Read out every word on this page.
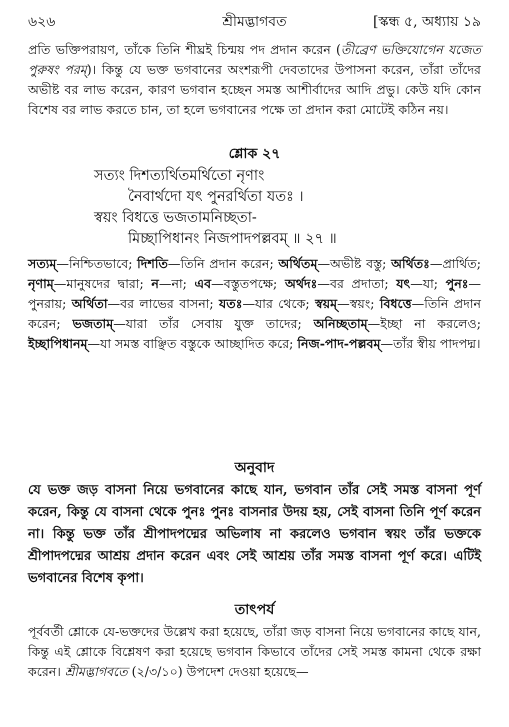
৬২৬	শ্রীমদ্ভাগবত	[স্কন্ধ ৫, অধ্যায় ১৯
প্রতি ভক্তিপরায়ণ, তাঁকে তিনি শীঘ্রই চিন্ময় পদ প্রদান করেন (তীব্রেণ ভক্তিযোগেন যজেত পুরুষং পরম্)। কিন্তু যে ভক্ত ভগবানের অংশরূপী দেবতাদের উপাসনা করেন, তাঁরা তাঁদের অভীষ্ট বর লাভ করেন, কারণ ভগবান হচ্ছেন সমস্ত আশীর্বাদের আদি প্রভু। কেউ যদি কোন বিশেষ বর লাভ করতে চান, তা হলে ভগবানের পক্ষে তা প্রদান করা মোটেই কঠিন নয়।
শ্লোক ২৭
সত্যং দিশত্যর্থিতমর্থিতো নৃণাং
নৈবার্থদো যৎ পুনরর্থিতা যতঃ ।
স্বয়ং বিধত্তে ভজতামনিচ্ছতা-
মিচ্ছাপিধানং নিজপাদপল্লবম্ ॥ ২৭ ॥
সত্যম্—নিশ্চিতভাবে; দিশতি—তিনি প্রদান করেন; অর্থিতম্—অভীষ্ট বস্তু; অর্থিতঃ—প্রার্থিত; নৃণাম্—মানুষদের দ্বারা; ন—না; এব—বস্তুতপক্ষে; অর্থদঃ—বর প্রদাতা; যৎ—যা; পুনঃ—পুনরায়; অর্থিতা—বর লাভের বাসনা; যতঃ—যার থেকে; স্বয়ম্—স্বয়ং; বিধত্তে—তিনি প্রদান করেন; ভজতাম্—যারা তাঁর সেবায় যুক্ত তাদের; অনিচ্ছতাম্—ইচ্ছা না করলেও; ইচ্ছাপিধানম্—যা সমস্ত বাঞ্ছিত বস্তুকে আচ্ছাদিত করে; নিজ-পাদ-পল্লবম্—তাঁর স্বীয় পাদপদ্ম।
অনুবাদ
যে ভক্ত জড় বাসনা নিয়ে ভগবানের কাছে যান, ভগবান তাঁর সেই সমস্ত বাসনা পূর্ণ করেন, কিন্তু যে বাসনা থেকে পুনঃ পুনঃ বাসনার উদয় হয়, সেই বাসনা তিনি পূর্ণ করেন না। কিন্তু ভক্ত তাঁর শ্রীপাদপদ্মের অভিলাষ না করলেও ভগবান স্বয়ং তাঁর ভক্তকে শ্রীপাদপদ্মের আশ্রয় প্রদান করেন এবং সেই আশ্রয় তাঁর সমস্ত বাসনা পূর্ণ করে। এটিই ভগবানের বিশেষ কৃপা।
তাৎপর্য
পূর্ববর্তী শ্লোকে যে-ভক্তদের উল্লেখ করা হয়েছে, তাঁরা জড় বাসনা নিয়ে ভগবানের কাছে যান, কিন্তু এই শ্লোকে বিশ্লেষণ করা হয়েছে ভগবান কিভাবে তাঁদের সেই সমস্ত কামনা থেকে রক্ষা করেন। শ্রীমদ্ভাগবতে (২/৩/১০) উপদেশ দেওয়া হয়েছে—
